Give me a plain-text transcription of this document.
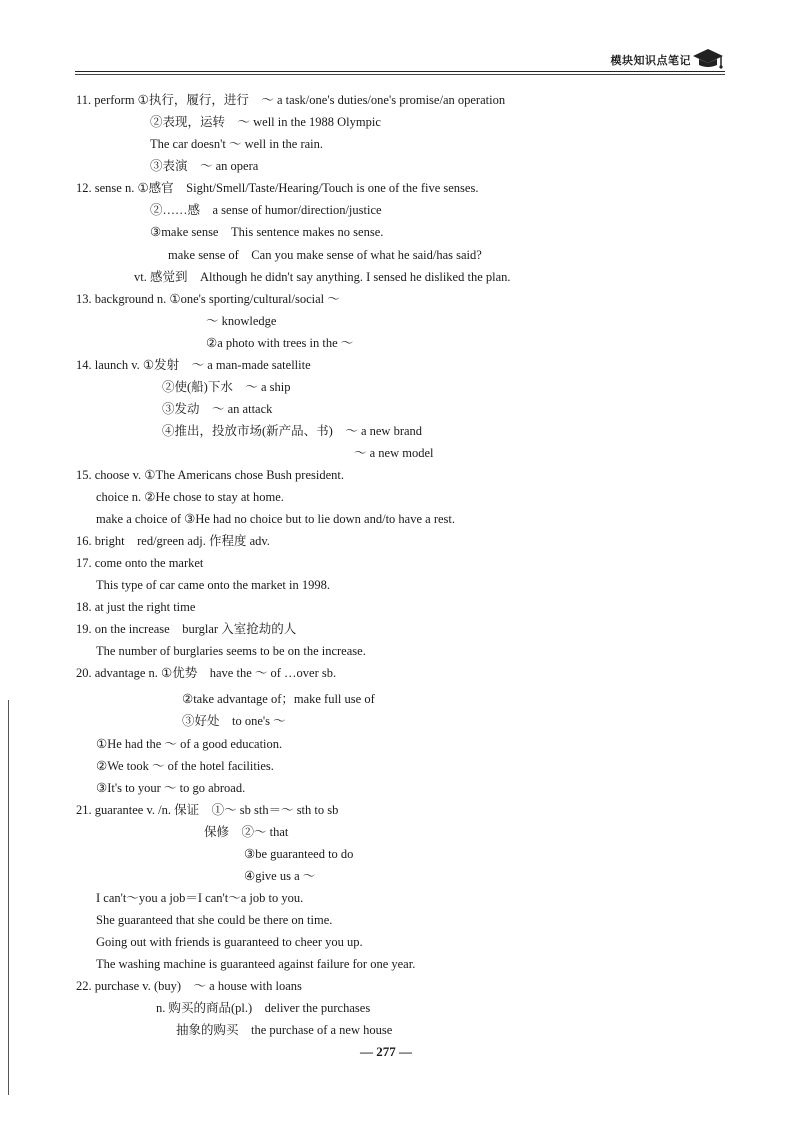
模块知识点笔记
11. perform ①执行，履行，进行　～ a task/one's duties/one's promise/an operation
②表现，运转　～ well in the 1988 Olympic
The car doesn't ～ well in the rain.
③表演　～ an opera
12. sense n. ①感官　Sight/Smell/Taste/Hearing/Touch is one of the five senses.
②……感　a sense of humor/direction/justice
③make sense　This sentence makes no sense.
make sense of　Can you make sense of what he said/has said?
vt. 感觉到　Although he didn't say anything. I sensed he disliked the plan.
13. background n. ①one's sporting/cultural/social ～
～ knowledge
②a photo with trees in the ～
14. launch v. ①发射　～ a man-made satellite
②使(船)下水　～ a ship
③发动　～ an attack
④推出，投放市场(新产品、书)　～ a new brand
～ a new model
15. choose v. ①The Americans chose Bush president.
choice n. ②He chose to stay at home.
make a choice of ③He had no choice but to lie down and/to have a rest.
16. bright　red/green adj. 作程度 adv.
17. come onto the market
This type of car came onto the market in 1998.
18. at just the right time
19. on the increase　burglar 入室抢劫的人
The number of burglaries seems to be on the increase.
20. advantage n. ①优势　have the ～ of …over sb.
②take advantage of；make full use of
③好处　to one's ～
①He had the ～ of a good education.
②We took ～ of the hotel facilities.
③It's to your ～ to go abroad.
21. guarantee v. /n. 保证　①～ sb sth＝～ sth to sb
保修　②～ that
③be guaranteed to do
④give us a ～
I can't～you a job＝I can't～a job to you.
She guaranteed that she could be there on time.
Going out with friends is guaranteed to cheer you up.
The washing machine is guaranteed against failure for one year.
22. purchase v. (buy)　～ a house with loans
n. 购买的商品(pl.)　deliver the purchases
抽象的购买　the purchase of a new house
— 277 —
